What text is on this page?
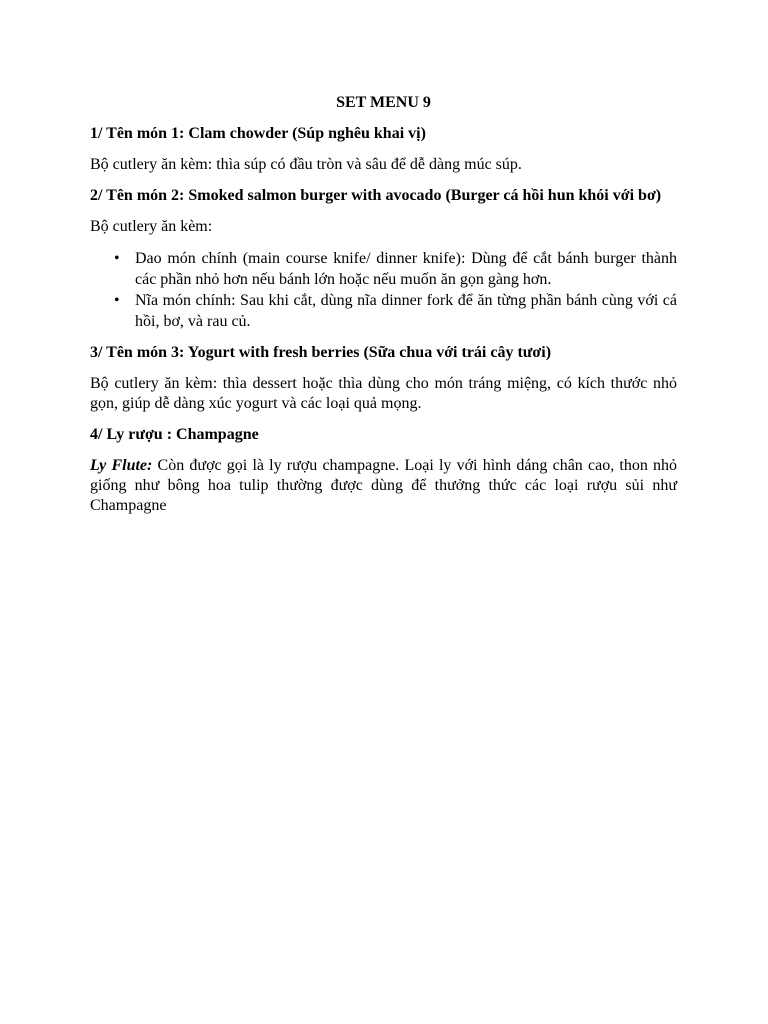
SET MENU 9

1/ Tên món 1: Clam chowder (Súp nghêu khai vị)

Bộ cutlery ăn kèm: thìa súp có đầu tròn và sâu để dễ dàng múc súp.

2/ Tên món 2: Smoked salmon burger with avocado (Burger cá hồi hun khói với bơ)

Bộ cutlery ăn kèm:

• Dao món chính (main course knife/ dinner knife): Dùng để cắt bánh burger thành các phần nhỏ hơn nếu bánh lớn hoặc nếu muốn ăn gọn gàng hơn.
• Nĩa món chính: Sau khi cắt, dùng nĩa dinner fork để ăn từng phần bánh cùng với cá hồi, bơ, và rau củ.

3/ Tên món 3: Yogurt with fresh berries (Sữa chua với trái cây tươi)

Bộ cutlery ăn kèm: thìa dessert hoặc thìa dùng cho món tráng miệng, có kích thước nhỏ gọn, giúp dễ dàng xúc yogurt và các loại quả mọng.

4/ Ly rượu : Champagne

Ly Flute: Còn được gọi là ly rượu champagne. Loại ly với hình dáng chân cao, thon nhỏ giống như bông hoa tulip thường được dùng để thưởng thức các loại rượu sủi như Champagne
